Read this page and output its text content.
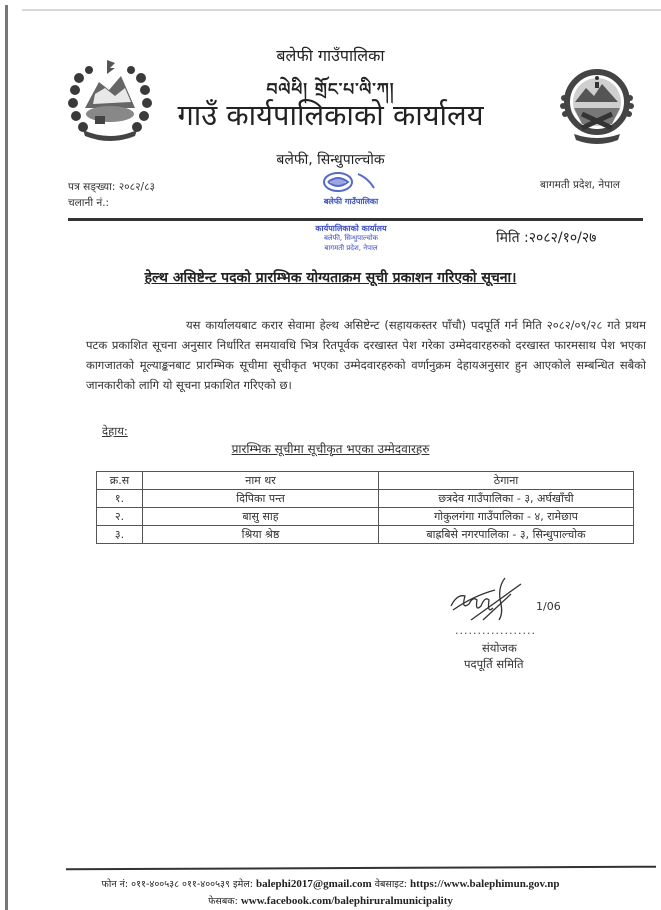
बलेफी गाउँपालिका
བལེཕི། གྲོང་པ་ལི་ཀ།
गाउँ कार्यपालिकाको कार्यालय
बलेफी, सिन्धुपाल्चोक
पत्र सङ्ख्या: २०८२/८३
चलानी नं.:
बागमती प्रदेश, नेपाल
बलेफी गाउँपालिका
कार्यपालिकाको कार्यालय
बलेफी, सिन्धुपाल्चोक
बागमती प्रदेश, नेपाल
मिति :२०८२/१०/२७
हेल्थ असिष्टेन्ट पदको प्रारम्भिक योग्यताक्रम सूची प्रकाशन गरिएको सूचना।
यस कार्यालयबाट करार सेवामा हेल्थ असिष्टेन्ट (सहायकस्तर पाँचौ) पदपूर्ति गर्न मिति २०८२/०९/२८ गते प्रथम पटक प्रकाशित सूचना अनुसार निर्धारित समयावधि भित्र रितपूर्वक दरखास्त पेश गरेका उम्मेदवारहरुको दरखास्त फारमसाथ पेश भएका कागजातको मूल्याङ्कनबाट प्रारम्भिक सूचीमा सूचीकृत भएका उम्मेदवारहरुको वर्णानुक्रम देहायअनुसार हुन आएकोले सम्बन्धित सबैको जानकारीको लागि यो सूचना प्रकाशित गरिएको छ।
देहाय:
प्रारम्भिक सूचीमा सूचीकृत भएका उम्मेदवारहरु
क्र.स	नाम थर	ठेगाना
१.	दिपिका पन्त	छत्रदेव गाउँपालिका - ३, अर्घखाँची
२.	बासु साह	गोकुलगंगा गाउँपालिका - ४, रामेछाप
३.	श्रिया श्रेष्ठ	बाह्रबिसे नगरपालिका - ३, सिन्धुपाल्चोक
1/06
..................
संयोजक
पदपूर्ति समिति
फोन नं: ०११-४००५३८ ०११-४००५३९ इमेल: balephi2017@gmail.com वेबसाइट: https://www.balephimun.gov.np
फेसबक: www.facebook.com/balephiruralmunicipality
